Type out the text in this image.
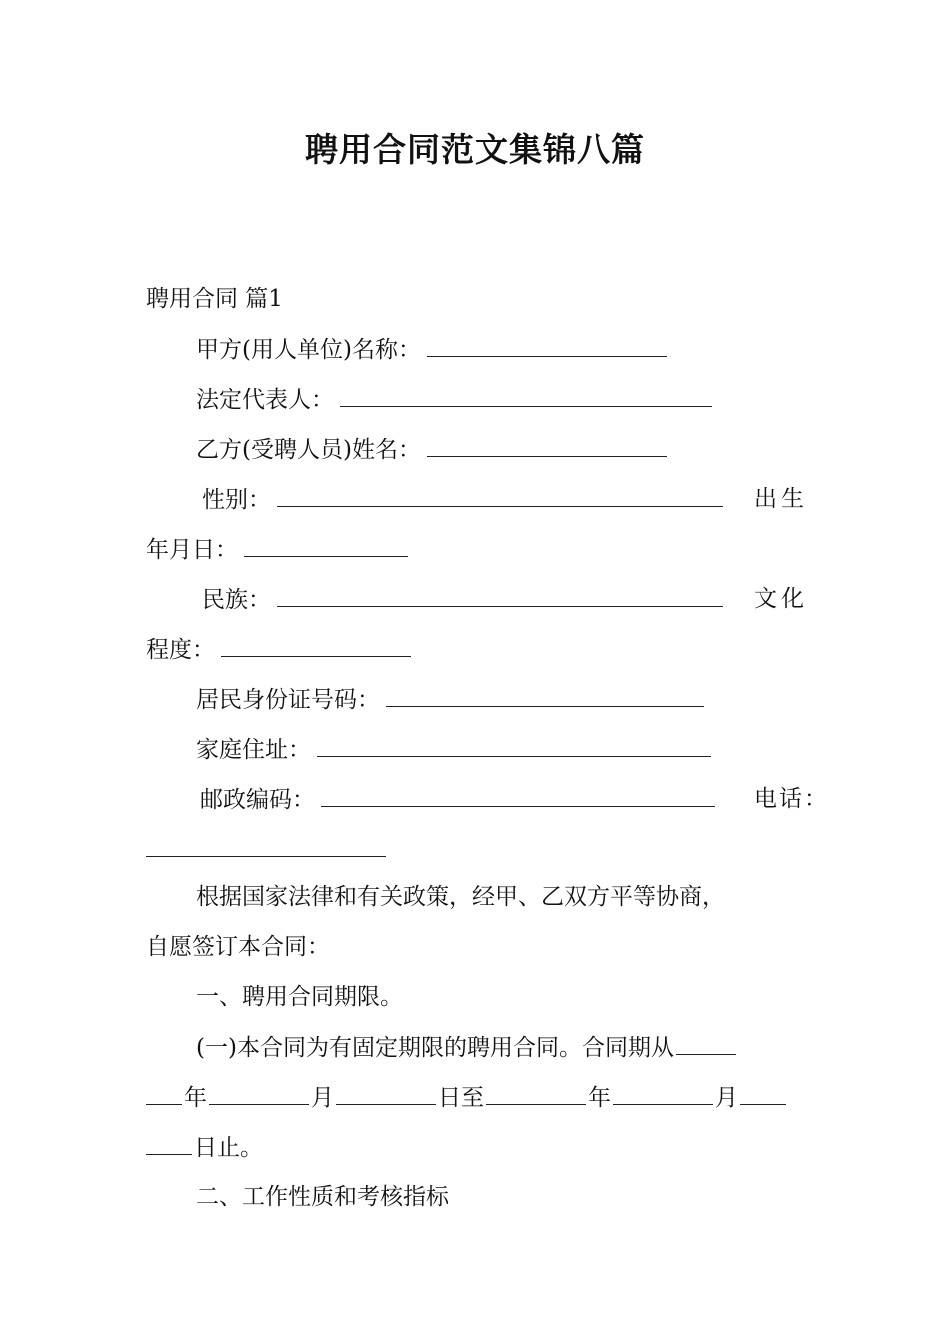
聘用合同范文集锦八篇
聘用合同 篇1
甲方(用人单位)名称：
法定代表人：
乙方(受聘人员)姓名：
性别：	出生
年月日：
民族：	文化
程度：
居民身份证号码：
家庭住址：
邮政编码：	电话：
根据国家法律和有关政策，经甲、乙双方平等协商，
自愿签订本合同：
一、聘用合同期限。
(一)本合同为有固定期限的聘用合同。合同期从
年	月	日至	年	月
日止。
二、工作性质和考核指标
